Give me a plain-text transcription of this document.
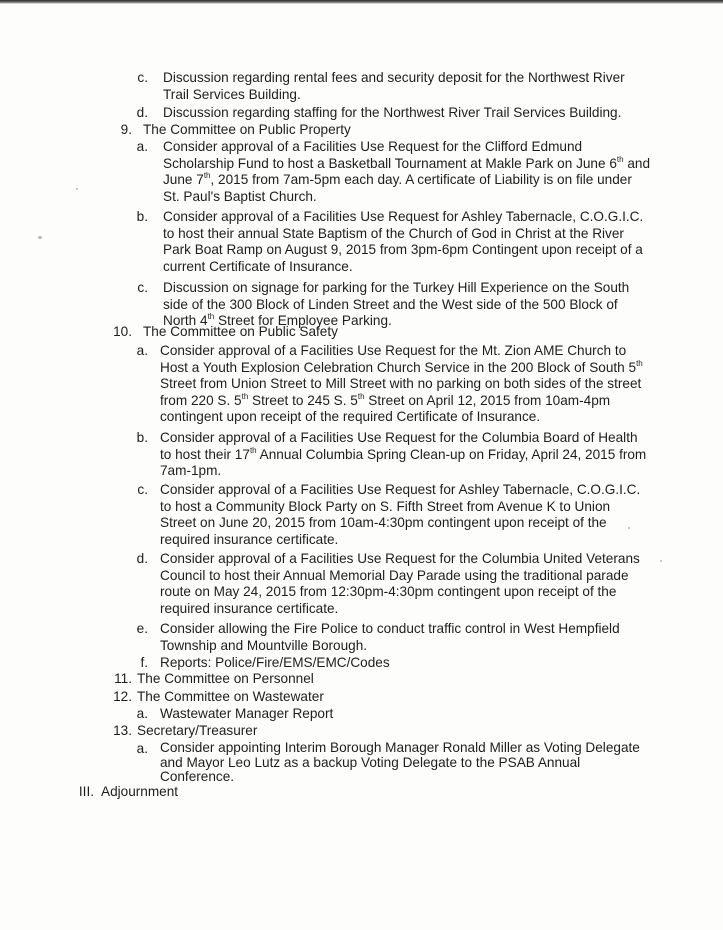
c. Discussion regarding rental fees and security deposit for the Northwest River
Trail Services Building.
d. Discussion regarding staffing for the Northwest River Trail Services Building.
9. The Committee on Public Property
a. Consider approval of a Facilities Use Request for the Clifford Edmund
Scholarship Fund to host a Basketball Tournament at Makle Park on June 6th and
June 7th, 2015 from 7am-5pm each day. A certificate of Liability is on file under
St. Paul's Baptist Church.
b. Consider approval of a Facilities Use Request for Ashley Tabernacle, C.O.G.I.C.
to host their annual State Baptism of the Church of God in Christ at the River
Park Boat Ramp on August 9, 2015 from 3pm-6pm Contingent upon receipt of a
current Certificate of Insurance.
c. Discussion on signage for parking for the Turkey Hill Experience on the South
side of the 300 Block of Linden Street and the West side of the 500 Block of
North 4th Street for Employee Parking.
10. The Committee on Public Safety
a. Consider approval of a Facilities Use Request for the Mt. Zion AME Church to
Host a Youth Explosion Celebration Church Service in the 200 Block of South 5th
Street from Union Street to Mill Street with no parking on both sides of the street
from 220 S. 5th Street to 245 S. 5th Street on April 12, 2015 from 10am-4pm
contingent upon receipt of the required Certificate of Insurance.
b. Consider approval of a Facilities Use Request for the Columbia Board of Health
to host their 17th Annual Columbia Spring Clean-up on Friday, April 24, 2015 from
7am-1pm.
c. Consider approval of a Facilities Use Request for Ashley Tabernacle, C.O.G.I.C.
to host a Community Block Party on S. Fifth Street from Avenue K to Union
Street on June 20, 2015 from 10am-4:30pm contingent upon receipt of the
required insurance certificate.
d. Consider approval of a Facilities Use Request for the Columbia United Veterans
Council to host their Annual Memorial Day Parade using the traditional parade
route on May 24, 2015 from 12:30pm-4:30pm contingent upon receipt of the
required insurance certificate.
e. Consider allowing the Fire Police to conduct traffic control in West Hempfield
Township and Mountville Borough.
f. Reports: Police/Fire/EMS/EMC/Codes
11. The Committee on Personnel
12. The Committee on Wastewater
a. Wastewater Manager Report
13. Secretary/Treasurer
a. Consider appointing Interim Borough Manager Ronald Miller as Voting Delegate
and Mayor Leo Lutz as a backup Voting Delegate to the PSAB Annual
Conference.
III. Adjournment
